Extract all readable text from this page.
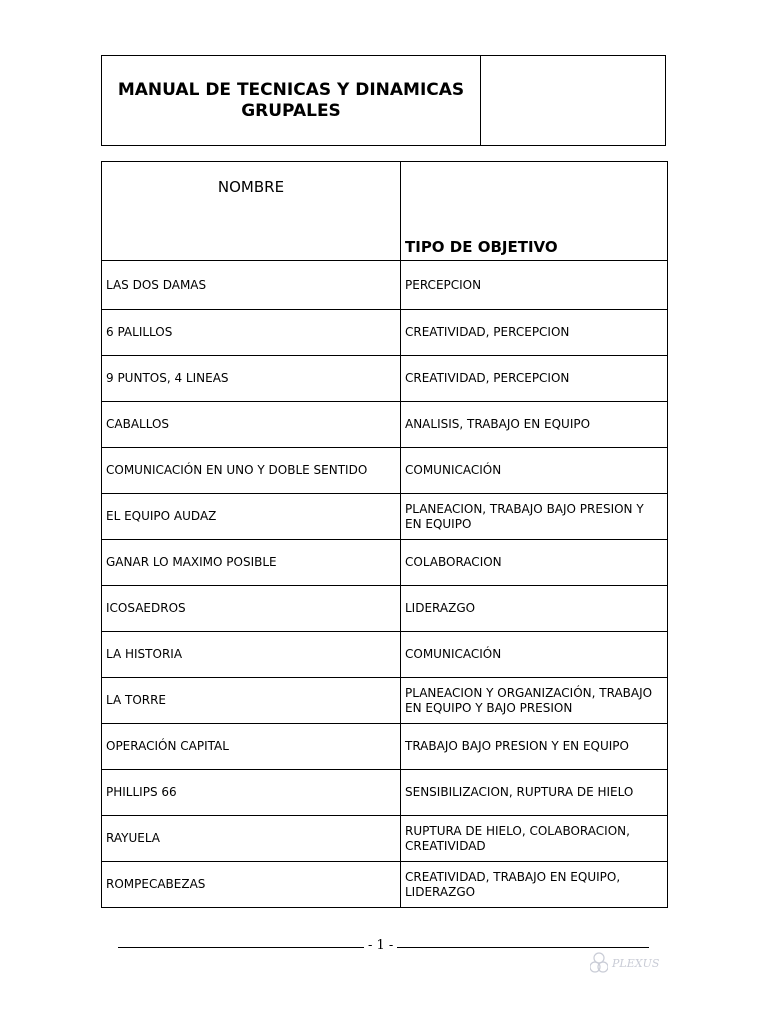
MANUAL DE TECNICAS Y DINAMICAS GRUPALES
NOMBRE	TIPO DE OBJETIVO
LAS DOS DAMAS	PERCEPCION
6 PALILLOS	CREATIVIDAD, PERCEPCION
9 PUNTOS, 4 LINEAS	CREATIVIDAD, PERCEPCION
CABALLOS	ANALISIS, TRABAJO EN EQUIPO
COMUNICACIÓN EN UNO Y DOBLE SENTIDO	COMUNICACIÓN
EL EQUIPO AUDAZ	PLANEACION, TRABAJO BAJO PRESION Y EN EQUIPO
GANAR LO MAXIMO POSIBLE	COLABORACION
ICOSAEDROS	LIDERAZGO
LA HISTORIA	COMUNICACIÓN
LA TORRE	PLANEACION Y ORGANIZACIÓN, TRABAJO EN EQUIPO Y BAJO PRESION
OPERACIÓN CAPITAL	TRABAJO BAJO PRESION Y EN EQUIPO
PHILLIPS 66	SENSIBILIZACION, RUPTURA DE HIELO
RAYUELA	RUPTURA DE HIELO, COLABORACION, CREATIVIDAD
ROMPECABEZAS	CREATIVIDAD, TRABAJO EN EQUIPO, LIDERAZGO
- 1 -
PLEXUS
